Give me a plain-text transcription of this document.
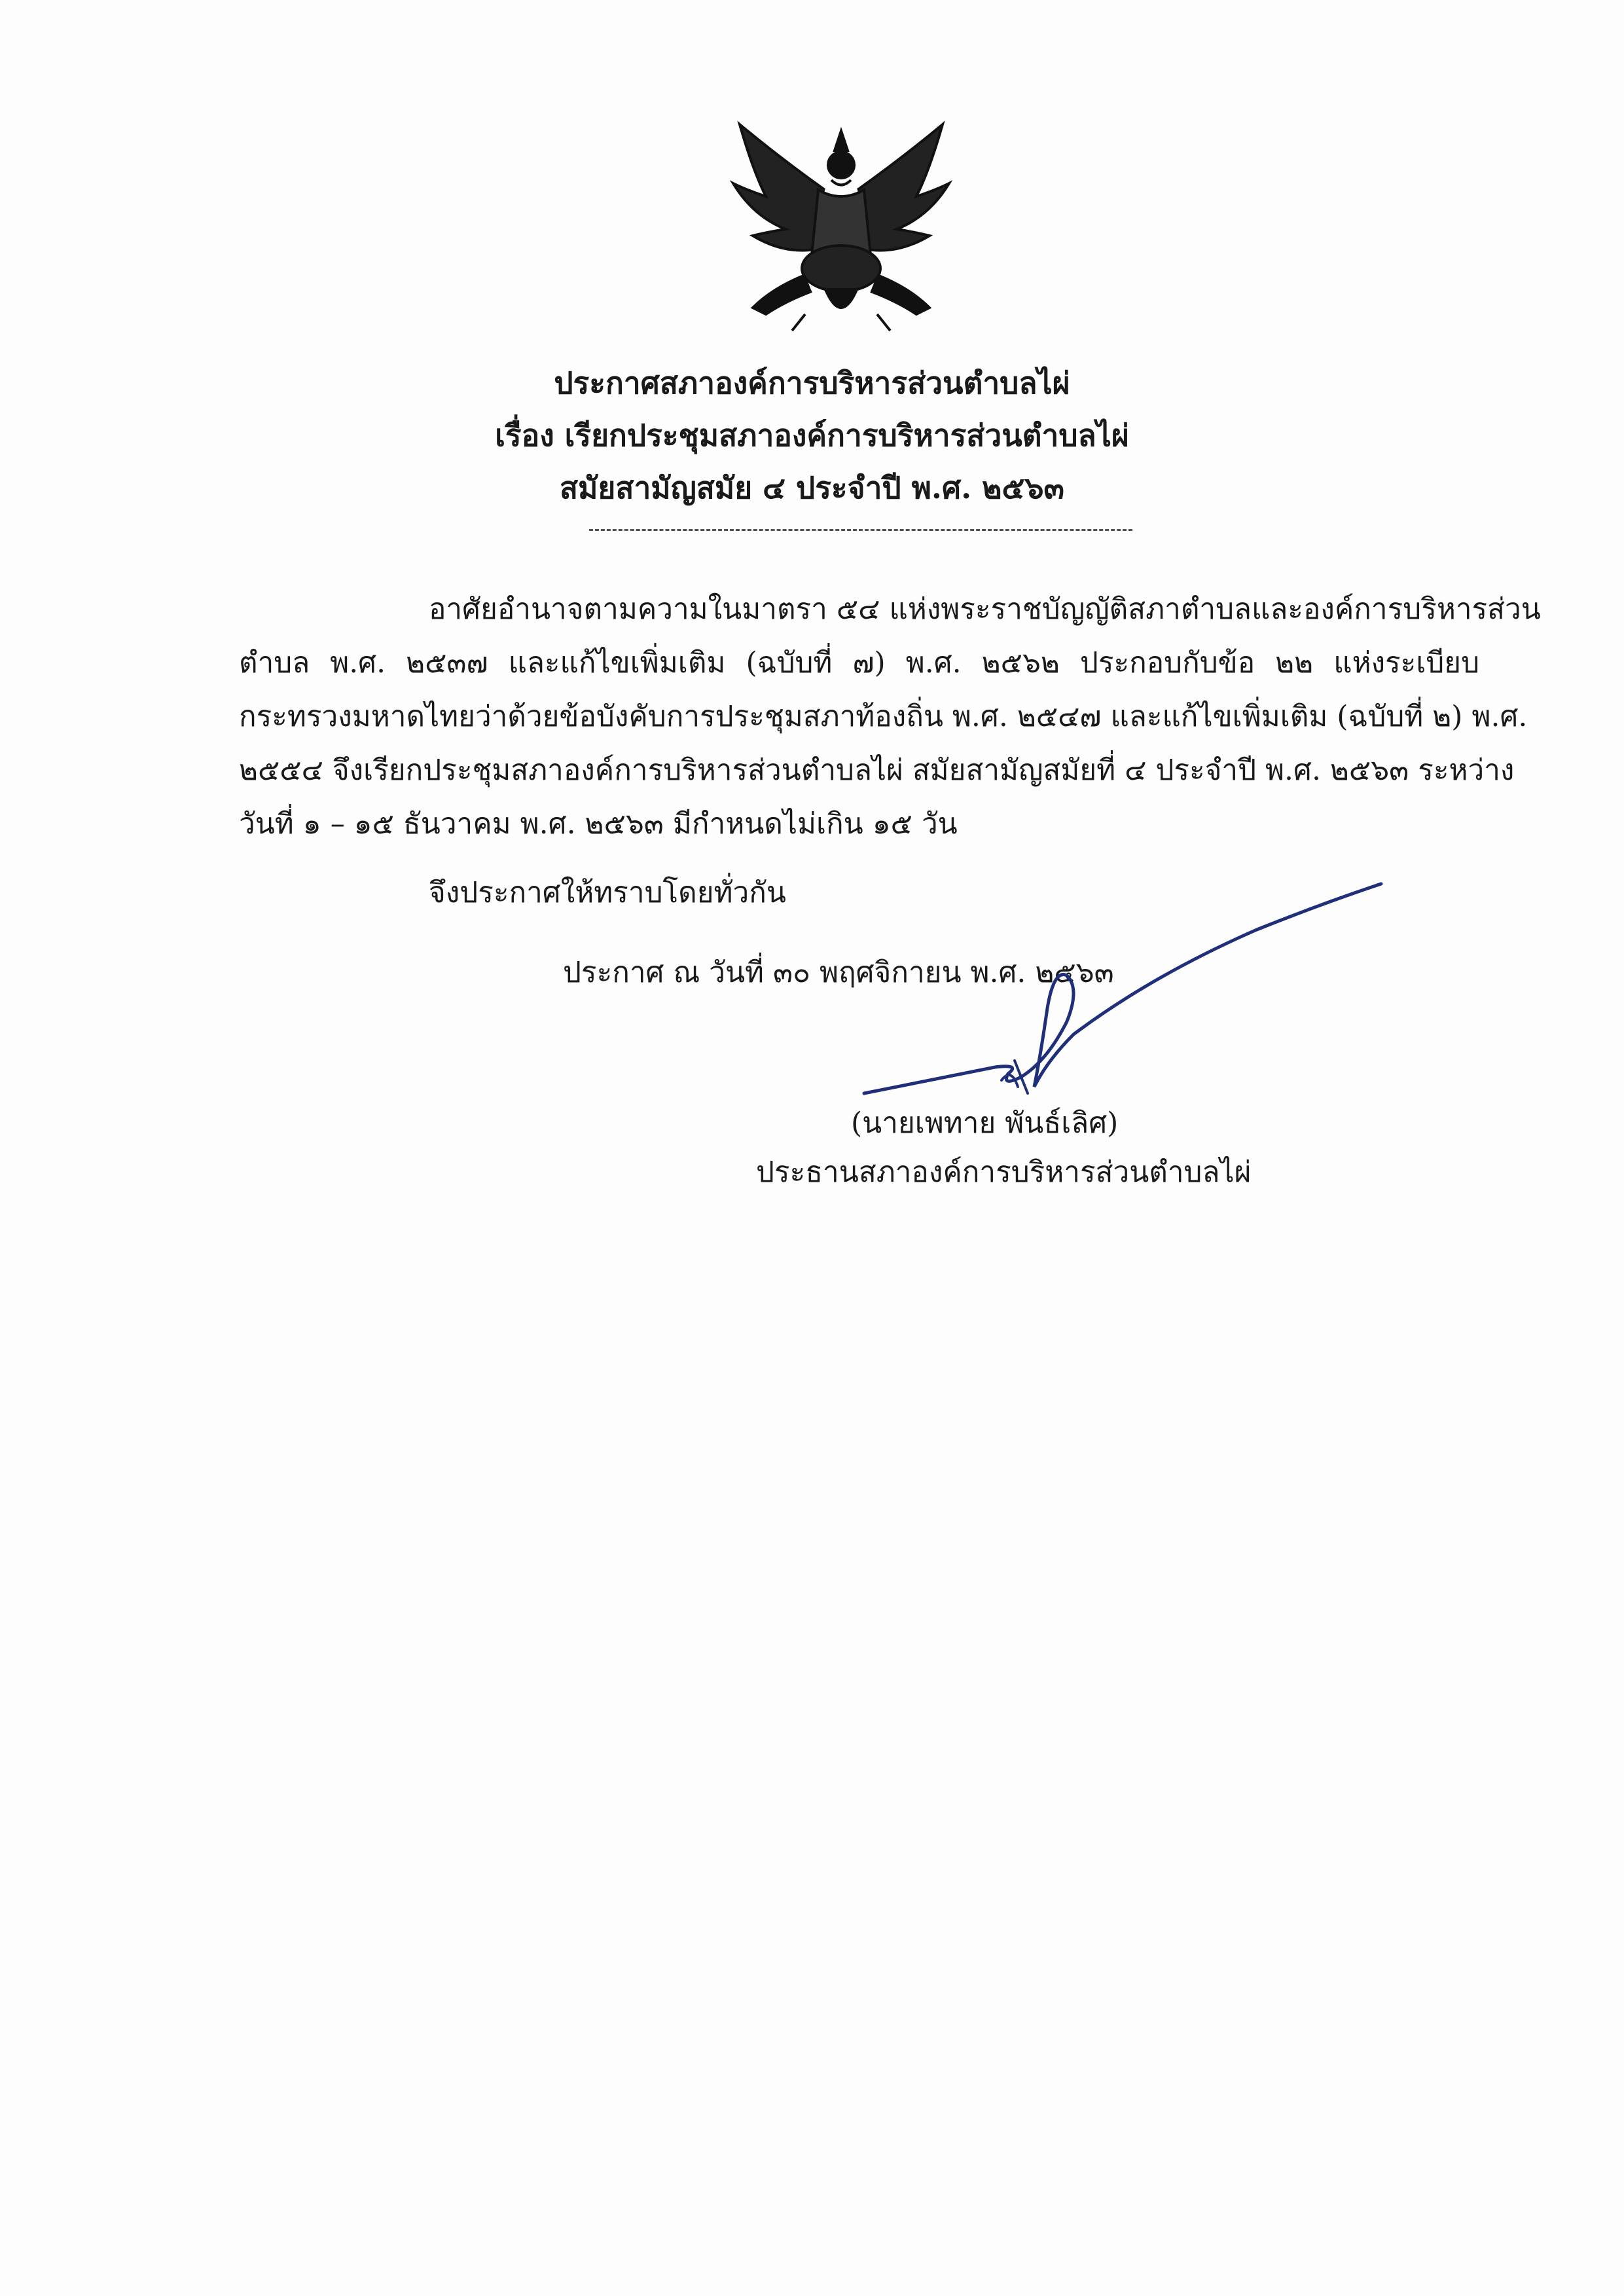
ประกาศสภาองค์การบริหารส่วนตำบลไผ่
เรื่อง เรียกประชุมสภาองค์การบริหารส่วนตำบลไผ่
สมัยสามัญสมัย ๔ ประจำปี พ.ศ. ๒๕๖๓
อาศัยอำนาจตามความในมาตรา ๕๔ แห่งพระราชบัญญัติสภาตำบลและองค์การบริหารส่วน
ตำบล พ.ศ. ๒๕๓๗ และแก้ไขเพิ่มเติม (ฉบับที่ ๗) พ.ศ. ๒๕๖๒ ประกอบกับข้อ ๒๒ แห่งระเบียบ
กระทรวงมหาดไทยว่าด้วยข้อบังคับการประชุมสภาท้องถิ่น พ.ศ. ๒๕๔๗ และแก้ไขเพิ่มเติม (ฉบับที่ ๒) พ.ศ.
๒๕๕๔ จึงเรียกประชุมสภาองค์การบริหารส่วนตำบลไผ่ สมัยสามัญสมัยที่ ๔ ประจำปี พ.ศ. ๒๕๖๓ ระหว่าง
วันที่ ๑ – ๑๕ ธันวาคม พ.ศ. ๒๕๖๓ มีกำหนดไม่เกิน ๑๕ วัน
จึงประกาศให้ทราบโดยทั่วกัน
ประกาศ ณ วันที่ ๓๐ พฤศจิกายน พ.ศ. ๒๕๖๓
(นายเพทาย พันธ์เลิศ)
ประธานสภาองค์การบริหารส่วนตำบลไผ่
